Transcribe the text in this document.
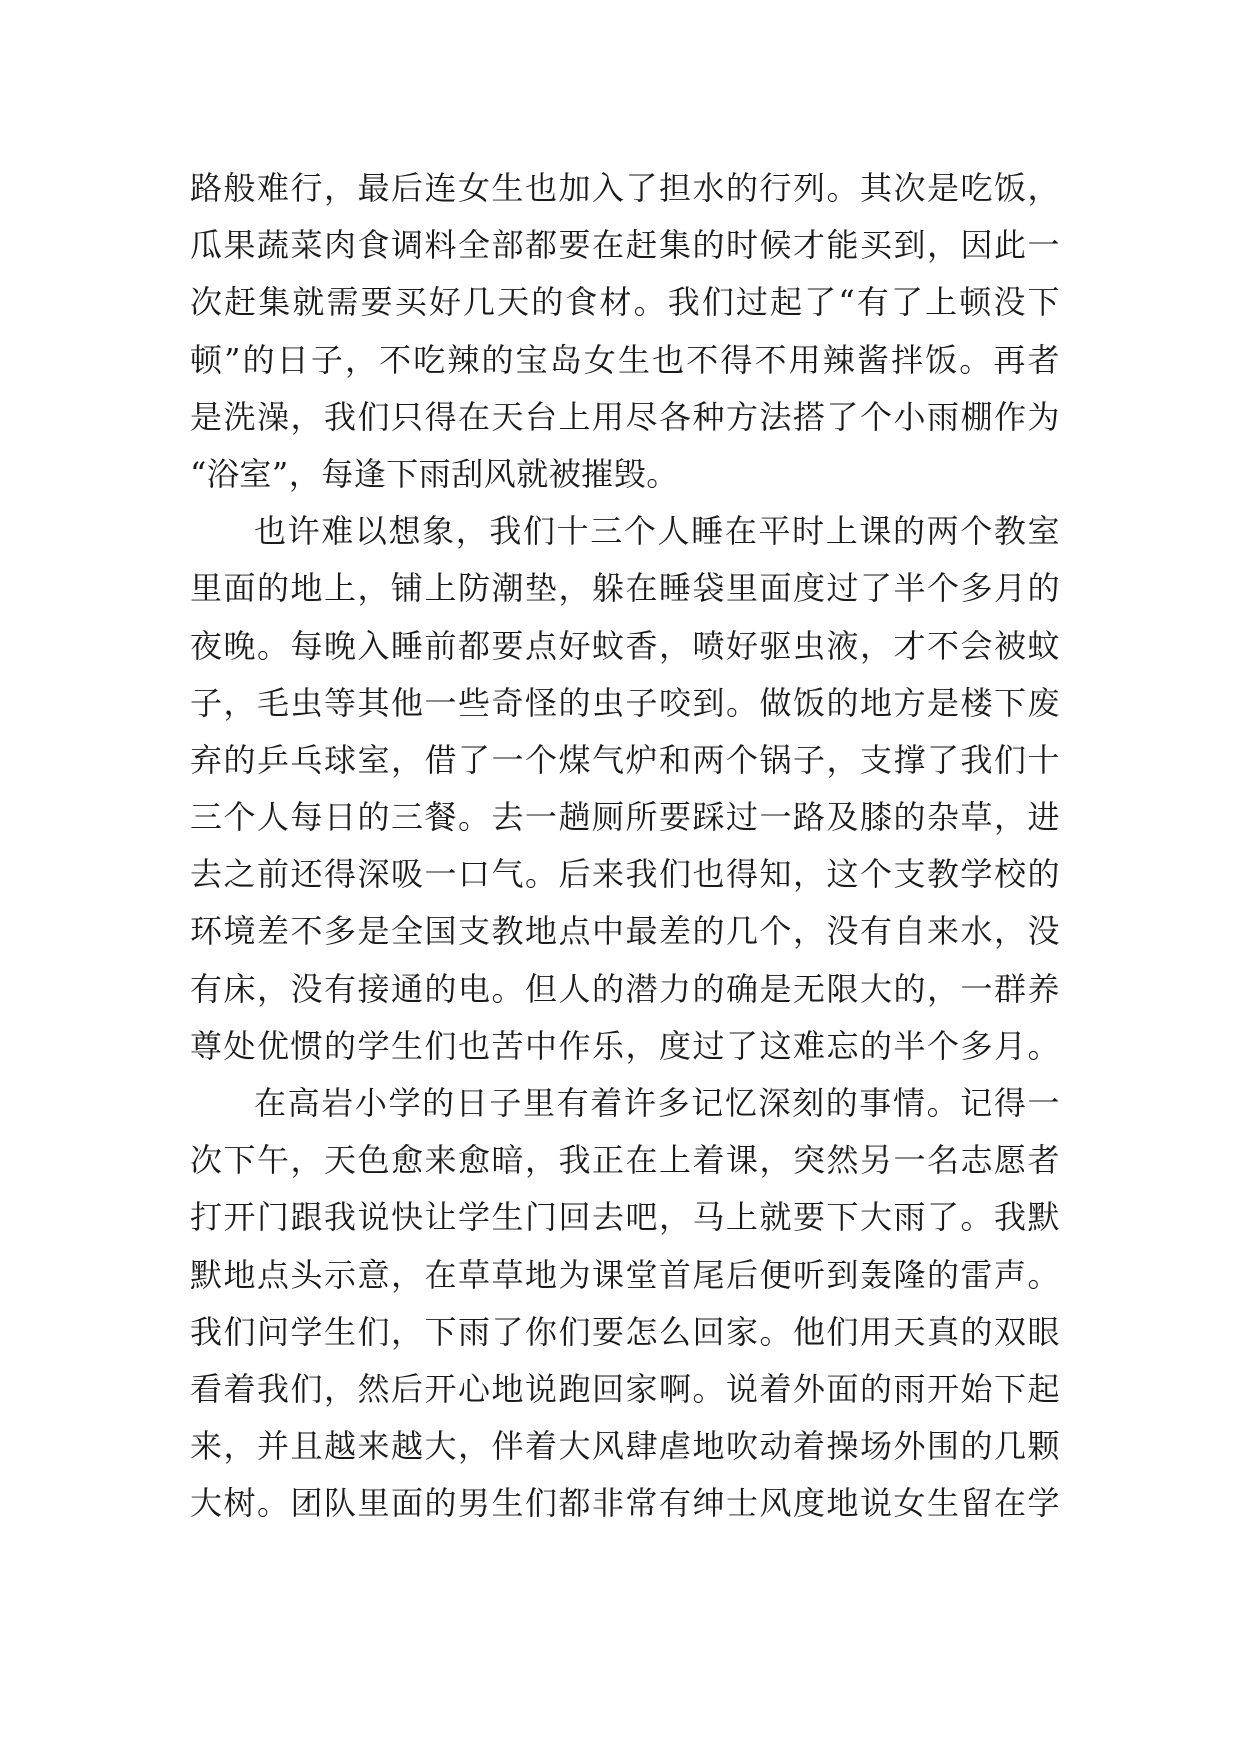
路般难行，最后连女生也加入了担水的行列。其次是吃饭，
瓜果蔬菜肉食调料全部都要在赶集的时候才能买到，因此一
次赶集就需要买好几天的食材。我们过起了“有了上顿没下
顿”的日子，不吃辣的宝岛女生也不得不用辣酱拌饭。再者
是洗澡，我们只得在天台上用尽各种方法搭了个小雨棚作为
“浴室”，每逢下雨刮风就被摧毁。
也许难以想象，我们十三个人睡在平时上课的两个教室
里面的地上，铺上防潮垫，躲在睡袋里面度过了半个多月的
夜晚。每晚入睡前都要点好蚊香，喷好驱虫液，才不会被蚊
子，毛虫等其他一些奇怪的虫子咬到。做饭的地方是楼下废
弃的乒乓球室，借了一个煤气炉和两个锅子，支撑了我们十
三个人每日的三餐。去一趟厕所要踩过一路及膝的杂草，进
去之前还得深吸一口气。后来我们也得知，这个支教学校的
环境差不多是全国支教地点中最差的几个，没有自来水，没
有床，没有接通的电。但人的潜力的确是无限大的，一群养
尊处优惯的学生们也苦中作乐，度过了这难忘的半个多月。
在高岩小学的日子里有着许多记忆深刻的事情。记得一
次下午，天色愈来愈暗，我正在上着课，突然另一名志愿者
打开门跟我说快让学生门回去吧，马上就要下大雨了。我默
默地点头示意，在草草地为课堂首尾后便听到轰隆的雷声。
我们问学生们，下雨了你们要怎么回家。他们用天真的双眼
看着我们，然后开心地说跑回家啊。说着外面的雨开始下起
来，并且越来越大，伴着大风肆虐地吹动着操场外围的几颗
大树。团队里面的男生们都非常有绅士风度地说女生留在学
